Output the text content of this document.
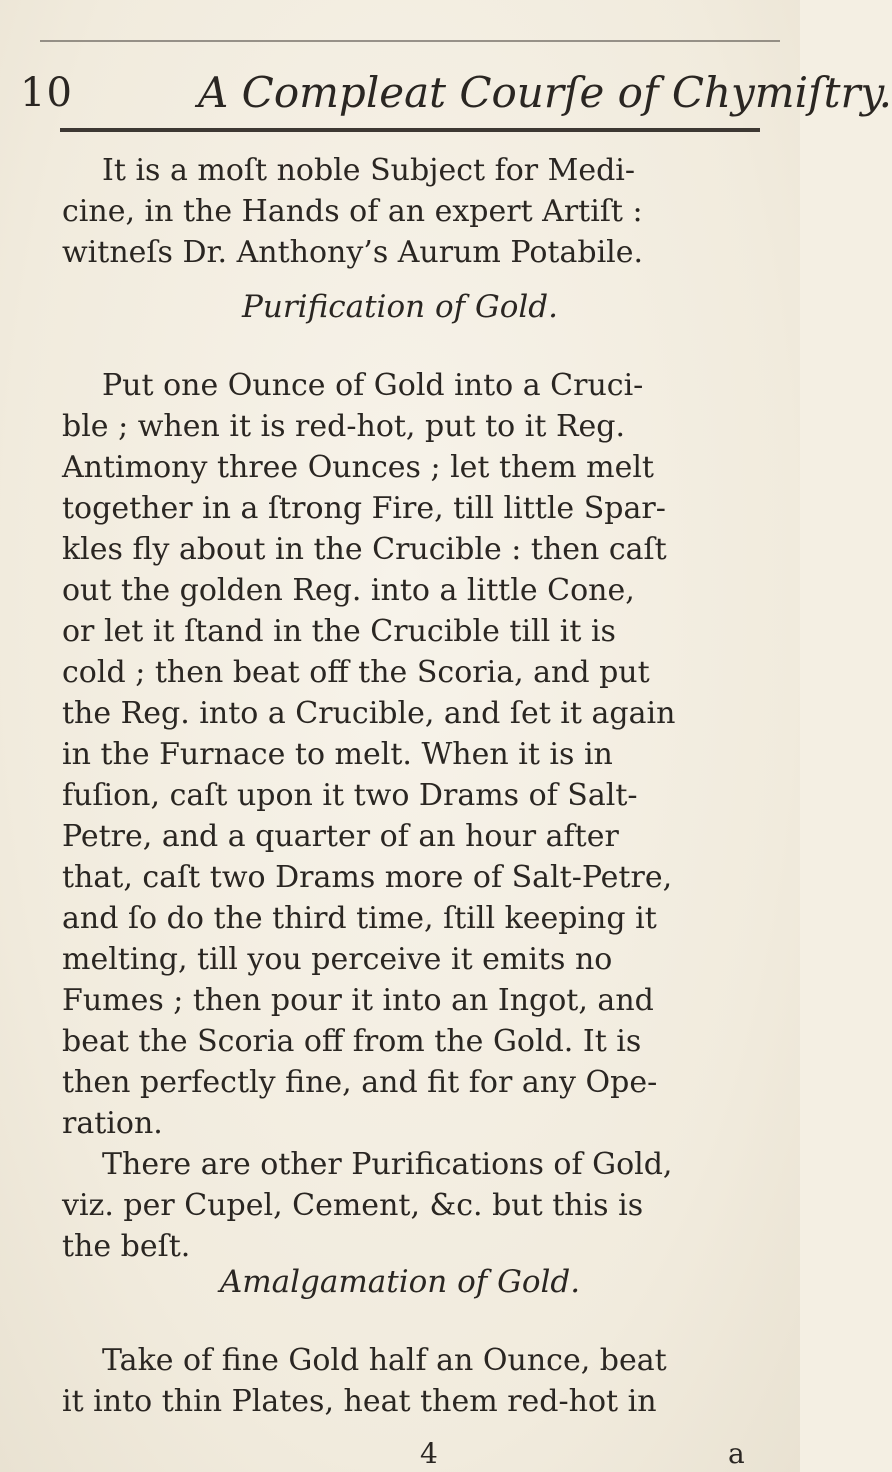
10	A Compleat Courſe of Chymiſtry.
It is a moſt noble Subject for Medi-
cine, in the Hands of an expert Artiſt :
witneſs Dr. Anthony’s Aurum Potabile.
Purification of Gold.
Put one Ounce of Gold into a Cruci-
ble ; when it is red-hot, put to it Reg.
Antimony three Ounces ; let them melt
together in a ſtrong Fire, till little Spar-
kles fly about in the Crucible : then caſt
out the golden Reg. into a little Cone,
or let it ſtand in the Crucible till it is
cold ; then beat off the Scoria, and put
the Reg. into a Crucible, and ſet it again
in the Furnace to melt. When it is in
fuſion, caſt upon it two Drams of Salt-
Petre, and a quarter of an hour after
that, caſt two Drams more of Salt-Petre,
and ſo do the third time, ſtill keeping it
melting, till you perceive it emits no
Fumes ; then pour it into an Ingot, and
beat the Scoria off from the Gold. It is
then perfectly fine, and fit for any Ope-
ration.
There are other Purifications of Gold,
viz. per Cupel, Cement, &c. but this is
the beſt.
Amalgamation of Gold.
Take of fine Gold half an Ounce, beat
it into thin Plates, heat them red-hot in
4	a
